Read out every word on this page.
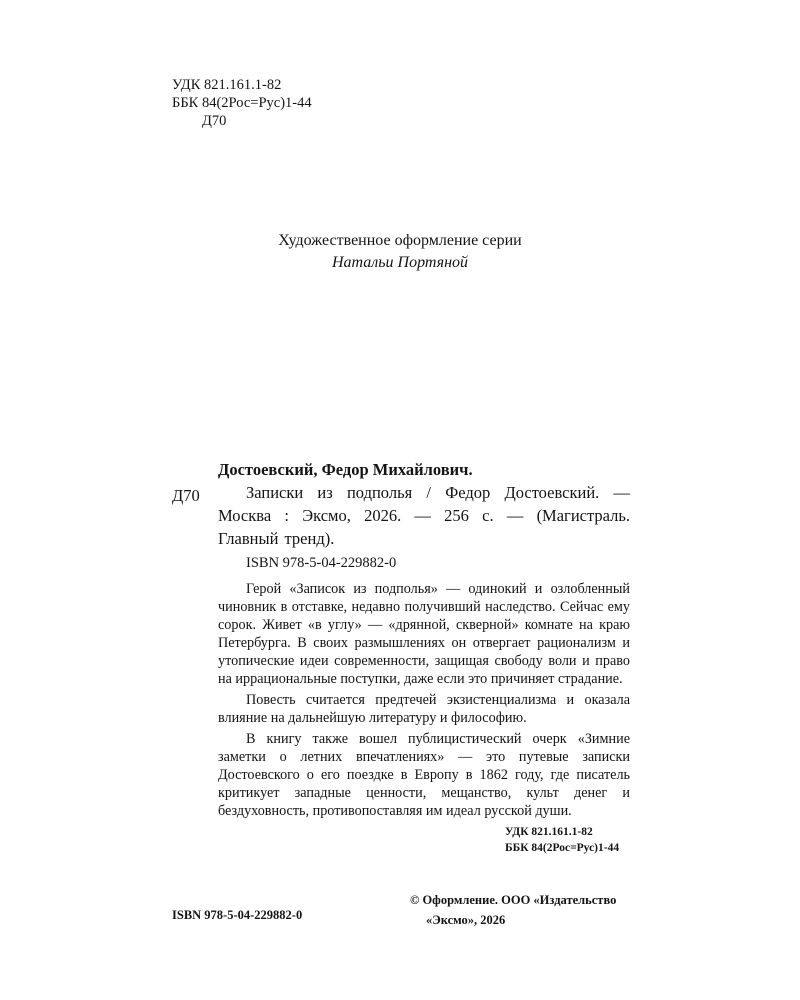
УДК 821.161.1-82
ББК 84(2Рос=Рус)1-44

Д70
Художественное оформление серии
Натальи Портяной
Д70
Достоевский, Федор Михайлович.
Записки из подполья / Федор Достоевский. — Москва : Эксмо, 2026. — 256 с. — (Магистраль. Главный тренд).
ISBN 978-5-04-229882-0

Герой «Записок из подполья» — одинокий и озлобленный чиновник в отставке, недавно получивший наследство. Сейчас ему сорок. Живет «в углу» — «дрянной, скверной» комнате на краю Петербурга. В своих размышлениях он отвергает рационализм и утопические идеи современности, защищая свободу воли и право на иррациональные поступки, даже если это причиняет страдание.

Повесть считается предтечей экзистенциализма и оказала влияние на дальнейшую литературу и философию.

В книгу также вошел публицистический очерк «Зимние заметки о летних впечатлениях» — это путевые записки Достоевского о его поездке в Европу в 1862 году, где писатель критикует западные ценности, мещанство, культ денег и бездуховность, противопоставляя им идеал русской души.

УДК 821.161.1-82
ББК 84(2Рос=Рус)1-44
© Оформление. ООО «Издательство
«Эксмо», 2026
ISBN 978-5-04-229882-0
